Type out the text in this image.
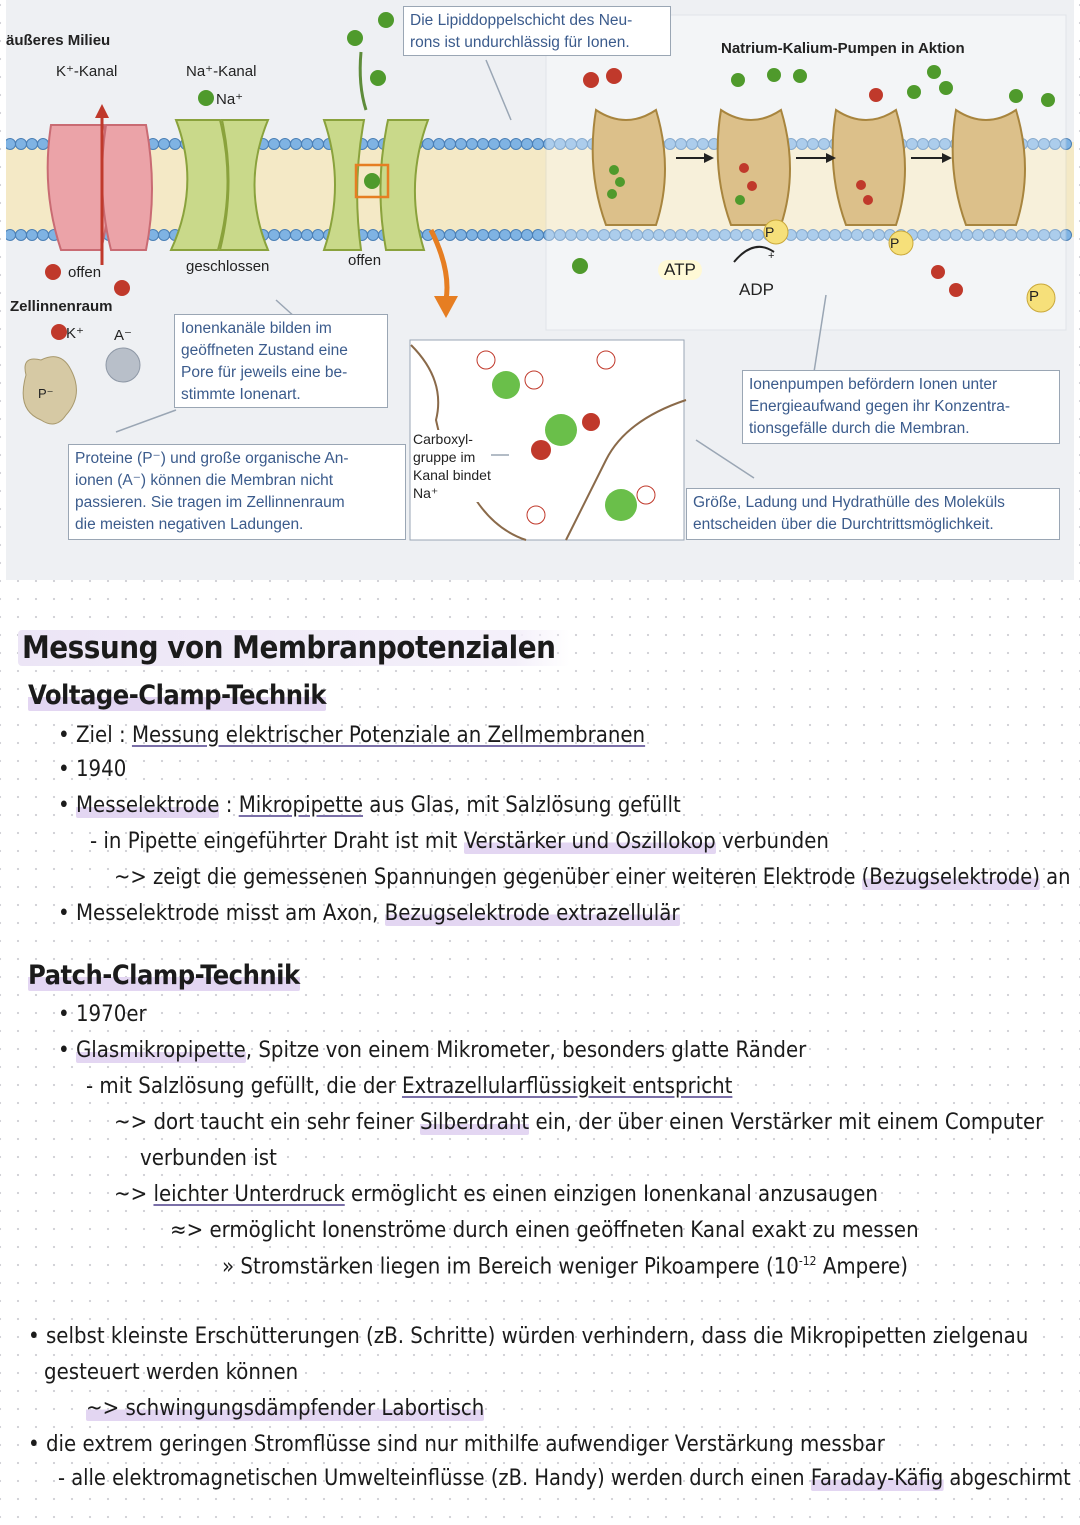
äußeres Milieu
K⁺-Kanal	Na⁺-Kanal
Na⁺
offen	geschlossen	offen
Zellinnenraum
K⁺ A⁻
P⁻
Natrium-Kalium-Pumpen in Aktion
ATP
ADP
+
P
P
P
Carboxyl-
gruppe im
Kanal bindet
Na⁺
Die Lipiddoppelschicht des Neu-
rons ist undurchlässig für Ionen.
Ionenkanäle bilden im
geöffneten Zustand eine
Pore für jeweils eine be-
stimmte Ionenart.
Proteine (P⁻) und große organische An-
ionen (A⁻) können die Membran nicht
passieren. Sie tragen im Zellinnenraum
die meisten negativen Ladungen.
Ionenpumpen befördern Ionen unter
Energieaufwand gegen ihr Konzentra-
tionsgefälle durch die Membran.
Größe, Ladung und Hydrathülle des Moleküls
entscheiden über die Durchtrittsmöglichkeit.
Messung von Membranpotenzialen
Voltage-Clamp-Technik
• Ziel : Messung elektrischer Potenziale an Zellmembranen
• 1940
• Messelektrode : Mikropipette aus Glas, mit Salzlösung gefüllt
- in Pipette eingeführter Draht ist mit Verstärker und Oszillokop verbunden
~> zeigt die gemessenen Spannungen gegenüber einer weiteren Elektrode (Bezugselektrode) an
• Messelektrode misst am Axon, Bezugselektrode extrazellulär
Patch-Clamp-Technik
• 1970er
• Glasmikropipette, Spitze von einem Mikrometer, besonders glatte Ränder
- mit Salzlösung gefüllt, die der Extrazellularflüssigkeit entspricht
~> dort taucht ein sehr feiner Silberdraht ein, der über einen Verstärker mit einem Computer
verbunden ist
~> leichter Unterdruck ermöglicht es einen einzigen Ionenkanal anzusaugen
≈> ermöglicht Ionenströme durch einen geöffneten Kanal exakt zu messen
» Stromstärken liegen im Bereich weniger Pikoampere ($10^{-12}$ Ampere)
• selbst kleinste Erschütterungen (zB. Schritte) würden verhindern, dass die Mikropipetten zielgenau
gesteuert werden können
~> schwingungsdämpfender Labortisch
• die extrem geringen Stromflüsse sind nur mithilfe aufwendiger Verstärkung messbar
- alle elektromagnetischen Umwelteinflüsse (zB. Handy) werden durch einen Faraday-Käfig abgeschirmt
